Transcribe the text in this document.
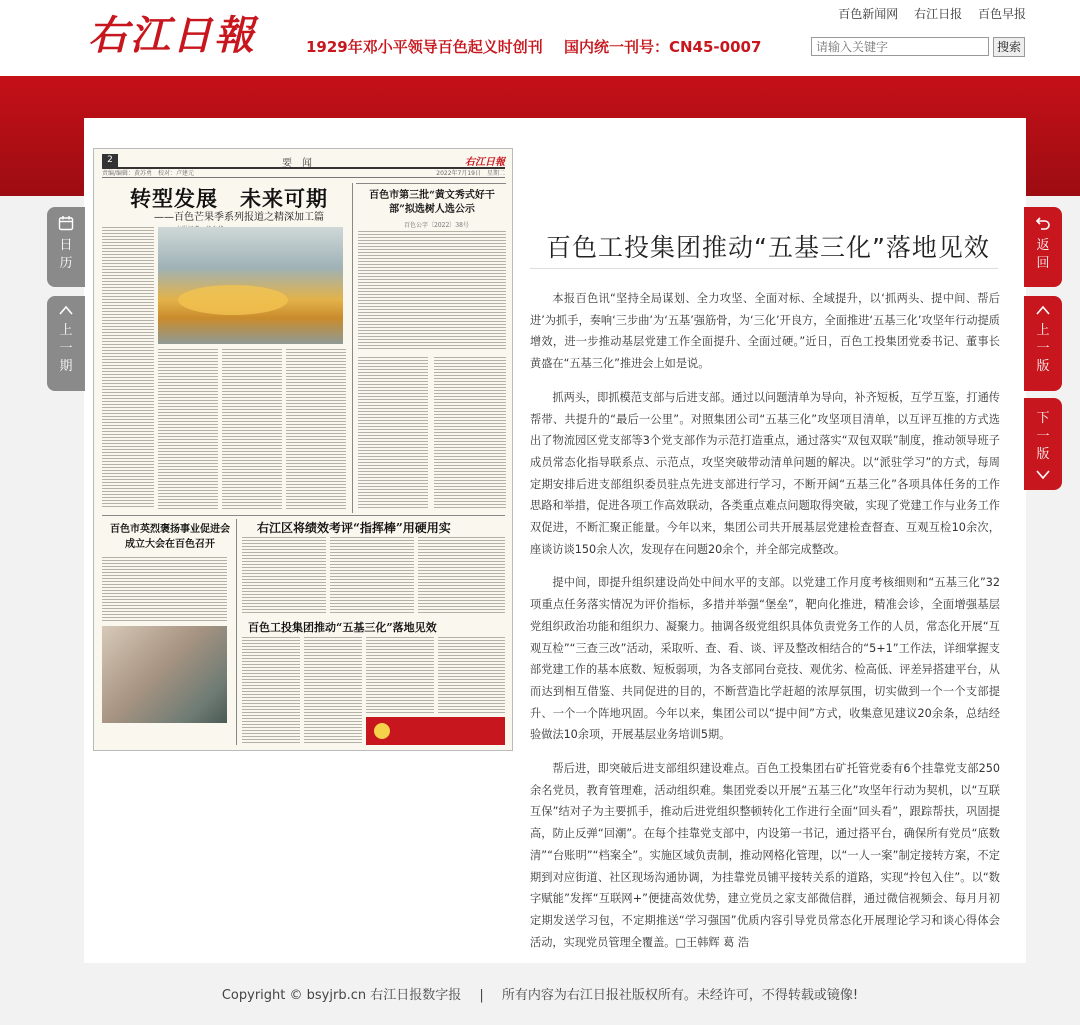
右江日報	1929年邓小平领导百色起义时创刊 国内统一刊号：CN45-0007
百色新闻网 右江日报 百色早报
请输入关键字
搜索
2022年07月19日
2	要　闻	右江日報
责编/编辑：黄苏勇　校对：卢建元	2022年7月19日　星期二
转型发展　未来可期
——百色芒果季系列报道之精深加工篇
百色市第三批“黄文秀式好干部”拟选树人选公示
百色公字〔2022〕38号
百色市英烈褒扬事业促进会成立大会在百色召开
右江区将绩效考评“指挥棒”用硬用实
百色工投集团推动“五基三化”落地见效
百色工投集团推动“五基三化”落地见效

本报百色讯“坚持全局谋划、全力攻坚、全面对标、全域提升，以‘抓两头、提中间、帮后进’为抓手，奏响‘三步曲’为‘五基’强筋骨，为‘三化’开良方，全面推进‘五基三化’攻坚年行动提质增效，进一步推动基层党建工作全面提升、全面过硬。”近日，百色工投集团党委书记、董事长黄盛在“五基三化”推进会上如是说。

抓两头，即抓模范支部与后进支部。通过以问题清单为导向，补齐短板，互学互鉴，打通传帮带、共提升的“最后一公里”。对照集团公司“五基三化”攻坚项目清单，以互评互推的方式选出了物流园区党支部等3个党支部作为示范打造重点，通过落实“双包双联”制度，推动领导班子成员常态化指导联系点、示范点，攻坚突破带动清单问题的解决。以“派驻学习”的方式，每周定期安排后进支部组织委员驻点先进支部进行学习，不断开阔“五基三化”各项具体任务的工作思路和举措，促进各项工作高效联动，各类重点难点问题取得突破，实现了党建工作与业务工作双促进，不断汇聚正能量。今年以来，集团公司共开展基层党建检查督查、互观互检10余次，座谈访谈150余人次，发现存在问题20余个，并全部完成整改。

提中间，即提升组织建设尚处中间水平的支部。以党建工作月度考核细则和“五基三化”32项重点任务落实情况为评价指标，多措并举强“堡垒”，靶向化推进，精准会诊，全面增强基层党组织政治功能和组织力、凝聚力。抽调各级党组织具体负责党务工作的人员，常态化开展“互观互检”“三查三改”活动，采取听、查、看、谈、评及整改相结合的“5+1”工作法，详细掌握支部党建工作的基本底数、短板弱项，为各支部同台竞技、观优劣、检高低、评差异搭建平台，从而达到相互借鉴、共同促进的目的，不断营造比学赶超的浓厚氛围，切实做到一个一个支部提升、一个一个阵地巩固。今年以来，集团公司以“提中间”方式，收集意见建议20余条，总结经验做法10余项，开展基层业务培训5期。

帮后进，即突破后进支部组织建设难点。百色工投集团右矿托管党委有6个挂靠党支部250余名党员，教育管理难，活动组织难。集团党委以开展“五基三化”攻坚年行动为契机，以“互联互保”结对子为主要抓手，推动后进党组织整顿转化工作进行全面“回头看”，跟踪帮扶，巩固提高，防止反弹“回潮”。在每个挂靠党支部中，内设第一书记，通过搭平台，确保所有党员“底数清”“台账明”“档案全”。实施区域负责制，推动网格化管理，以“一人一案”制定接转方案，不定期到对应街道、社区现场沟通协调，为挂靠党员铺平接转关系的道路，实现“拎包入住”。以“数字赋能”发挥“互联网+”便捷高效优势，建立党员之家支部微信群，通过微信视频会、每月月初定期发送学习包，不定期推送“学习强国”优质内容引导党员常态化开展理论学习和谈心得体会活动，实现党员管理全覆盖。□王韩辉 葛 浩

日历
上一期
返回
上一版
下一版
Copyright © bsyjrb.cn 右江日报数字报 | 所有内容为右江日报社版权所有。未经许可，不得转载或镜像!
